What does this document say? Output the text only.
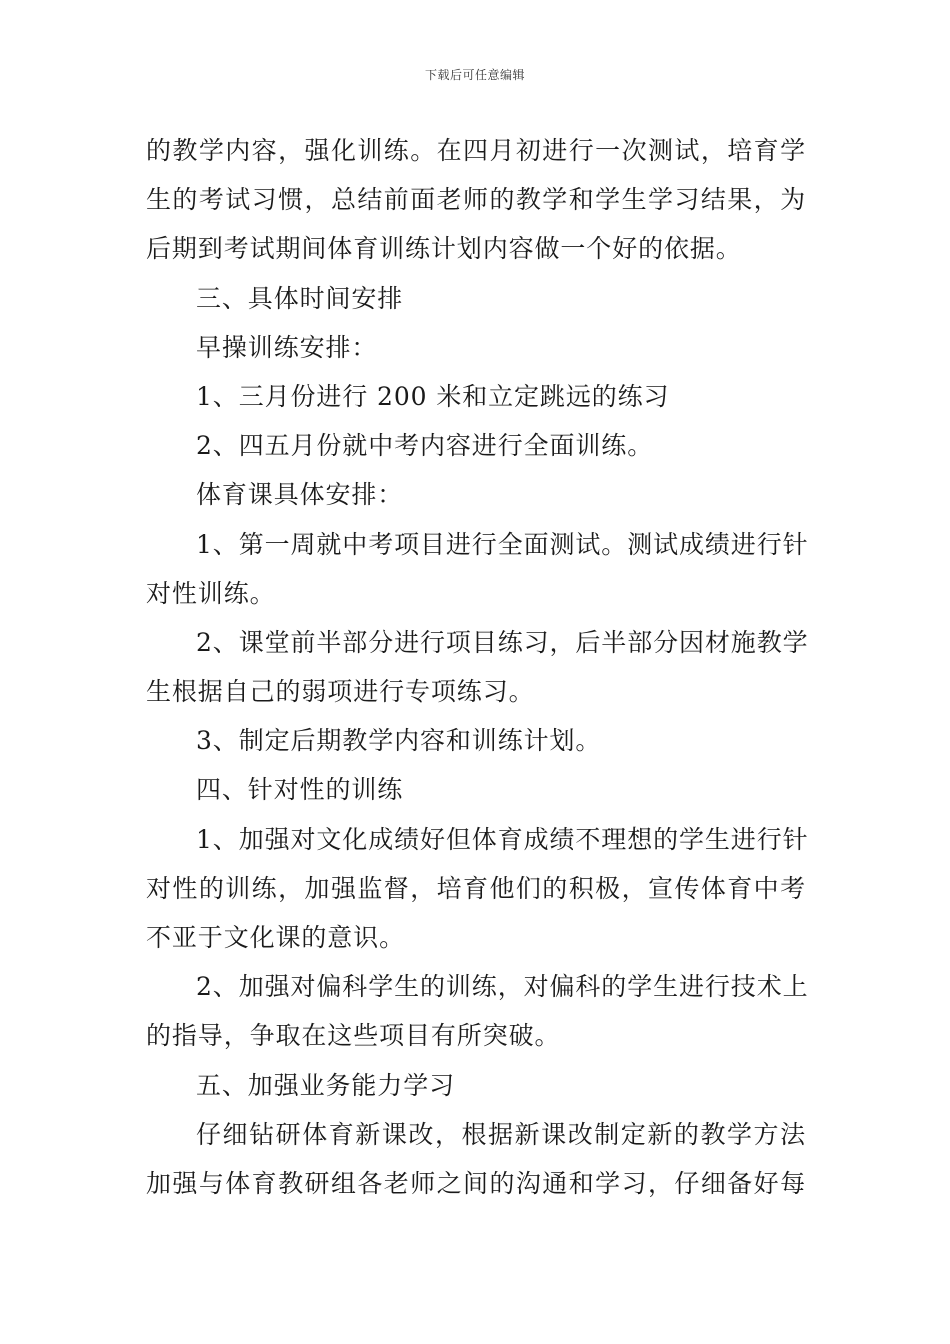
下载后可任意编辑
的教学内容，强化训练。在四月初进行一次测试，培育学
生的考试习惯，总结前面老师的教学和学生学习结果，为
后期到考试期间体育训练计划内容做一个好的依据。
三、具体时间安排
早操训练安排：
1、三月份进行 200 米和立定跳远的练习
2、四五月份就中考内容进行全面训练。
体育课具体安排：
1、第一周就中考项目进行全面测试。测试成绩进行针
对性训练。
2、课堂前半部分进行项目练习，后半部分因材施教学
生根据自己的弱项进行专项练习。
3、制定后期教学内容和训练计划。
四、针对性的训练
1、加强对文化成绩好但体育成绩不理想的学生进行针
对性的训练，加强监督，培育他们的积极，宣传体育中考
不亚于文化课的意识。
2、加强对偏科学生的训练，对偏科的学生进行技术上
的指导，争取在这些项目有所突破。
五、加强业务能力学习
仔细钻研体育新课改，根据新课改制定新的教学方法
加强与体育教研组各老师之间的沟通和学习，仔细备好每
